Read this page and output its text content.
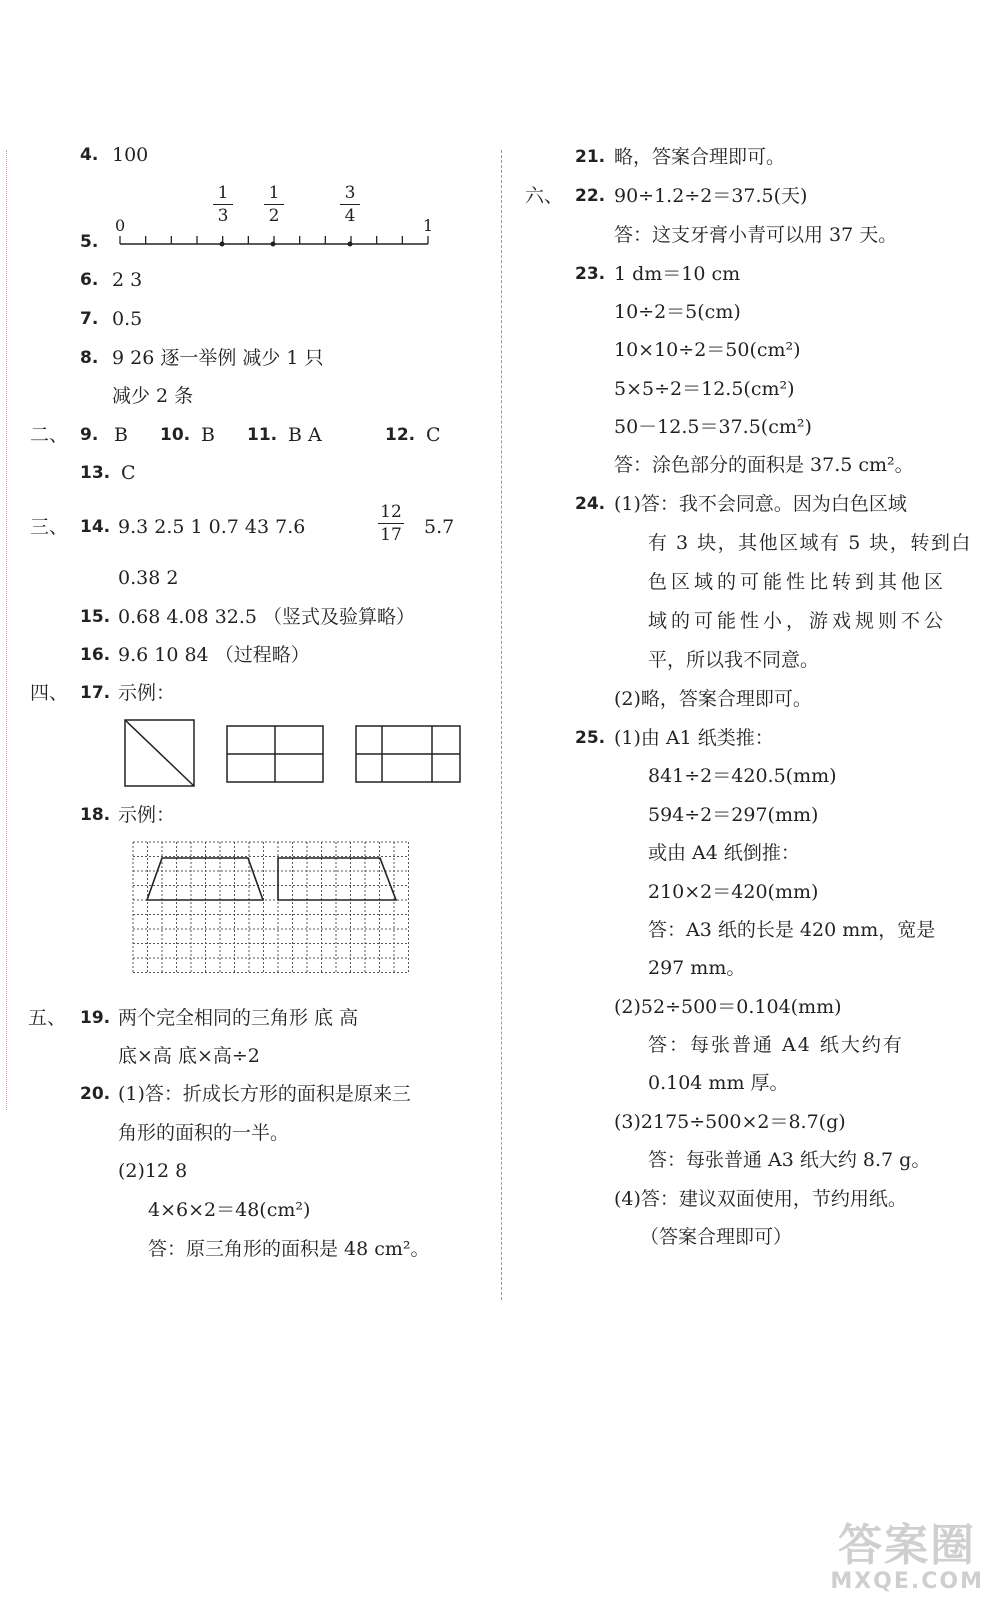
4. 100
5.
1
3
1
2
3
4
0	1
6. 2 3
7. 0.5
8. 9 26 逐一举例 减少 1 只
减少 2 条
二、 9. B 10. B 11. B A	12. C
13. C
三、 14. 9.3 2.5 1 0.7 43 7.6
12
17 5.7
0.38 2
15. 0.68 4.08 32.5 （竖式及验算略）
16. 9.6 10 84 （过程略）
四、 17. 示例：
18. 示例：
五、 19. 两个完全相同的三角形 底 高
底×高 底×高÷2
20. (1)答：折成长方形的面积是原来三
角形的面积的一半。
(2)12 8
4×6×2＝48(cm²)
答：原三角形的面积是 48 cm²。
21. 略，答案合理即可。
六、 22. 90÷1.2÷2＝37.5(天)
答：这支牙膏小青可以用 37 天。
23. 1 dm＝10 cm
10÷2＝5(cm)
10×10÷2＝50(cm²)
5×5÷2＝12.5(cm²)
50－12.5＝37.5(cm²)
答：涂色部分的面积是 37.5 cm²。
24. (1)答：我不会同意。因为白色区域
有 3 块，其他区域有 5 块，转到白
色区域的可能性比转到其他区
域的可能性小，游戏规则不公
平，所以我不同意。
(2)略，答案合理即可。
25. (1)由 A1 纸类推：
841÷2＝420.5(mm)
594÷2＝297(mm)
或由 A4 纸倒推：
210×2＝420(mm)
答：A3 纸的长是 420 mm，宽是
297 mm。
(2)52÷500＝0.104(mm)
答：每张普通 A4 纸大约有
0.104 mm 厚。
(3)2175÷500×2＝8.7(g)
答：每张普通 A3 纸大约 8.7 g。
(4)答：建议双面使用，节约用纸。
（答案合理即可）
答案圈
MXQE.COM
